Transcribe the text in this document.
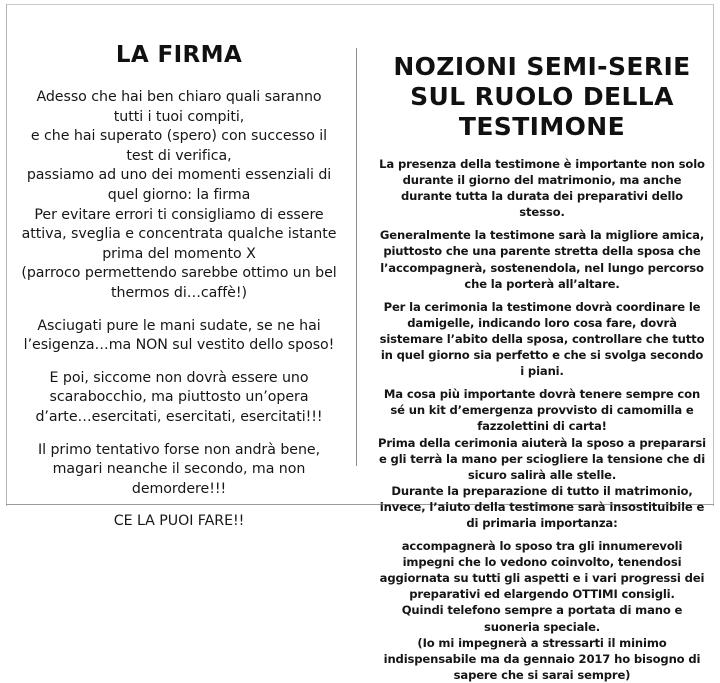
LA FIRMA

Adesso che hai ben chiaro quali saranno tutti i tuoi compiti,

e che hai superato (spero) con successo il test di verifica,

passiamo ad uno dei momenti essenziali di quel giorno: la firma

Per evitare errori ti consigliamo di essere attiva, sveglia e concentrata qualche istante prima del momento X

(parroco permettendo sarebbe ottimo un bel thermos di…caffè!)

Asciugati pure le mani sudate, se ne hai l’esigenza…ma NON sul vestito dello sposo!

E poi, siccome non dovrà essere uno scarabocchio, ma piuttosto un’opera d’arte…esercitati, esercitati, esercitati!!!

Il primo tentativo forse non andrà bene, magari neanche il secondo, ma non demordere!!!

CE LA PUOI FARE!!

NOZIONI SEMI-SERIE SUL RUOLO DELLA TESTIMONE

La presenza della testimone è importante non solo durante il giorno del matrimonio, ma anche durante tutta la durata dei preparativi dello stesso.

Generalmente la testimone sarà la migliore amica, piuttosto che una parente stretta della sposa che l’accompagnerà, sostenendola, nel lungo percorso che la porterà all’altare.

Per la cerimonia la testimone dovrà coordinare le damigelle, indicando loro cosa fare, dovrà sistemare l’abito della sposa, controllare che tutto in quel giorno sia perfetto e che si svolga secondo i piani.

Ma cosa più importante dovrà tenere sempre con sé un kit d’emergenza provvisto di camomilla e fazzolettini di carta!

Prima della cerimonia aiuterà la sposo a prepararsi e gli terrà la mano per sciogliere la tensione che di sicuro salirà alle stelle.

Durante la preparazione di tutto il matrimonio, invece, l’aiuto della testimone sarà insostituibile e di primaria importanza:

accompagnerà lo sposo tra gli innumerevoli impegni che lo vedono coinvolto, tenendosi aggiornata su tutti gli aspetti e i vari progressi dei preparativi ed elargendo OTTIMI consigli.

Quindi telefono sempre a portata di mano e suoneria speciale.

(Io mi impegnerà a stressarti il minimo indispensabile ma da gennaio 2017 ho bisogno di sapere che si sarai sempre)
